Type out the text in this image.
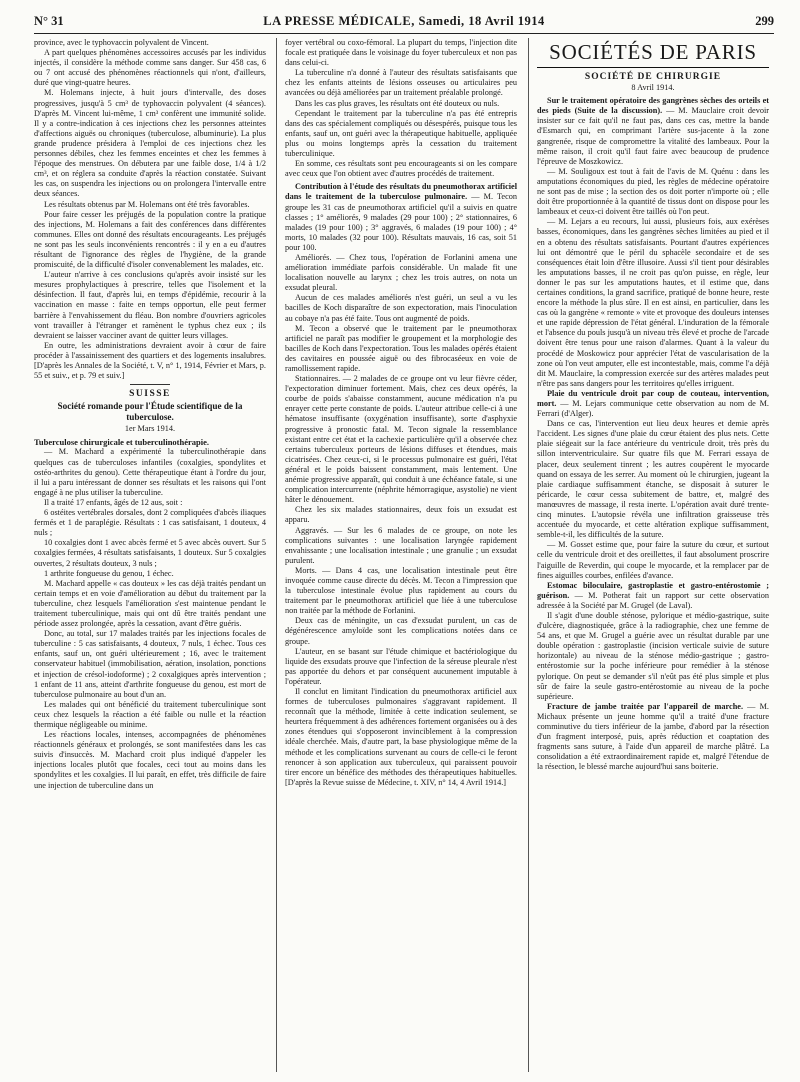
N° 31	LA PRESSE MÉDICALE, Samedi, 18 Avril 1914	299

province, avec le typhovaccin polyvalent de Vincent.

A part quelques phénomènes accessoires accusés par les individus injectés, il considère la méthode comme sans danger. Sur 458 cas, 6 ou 7 ont accusé des phénomènes réactionnels qui n'ont, d'ailleurs, duré que vingt-quatre heures.

M. Holemans injecte, à huit jours d'intervalle, des doses progressives, jusqu'à 5 cm³ de typhovaccin polyvalent (4 séances). D'après M. Vincent lui-même, 1 cm³ confèrent une immunité solide. Il y a contre-indication à ces injections chez les personnes atteintes d'affections aiguës ou chroniques (tuberculose, albuminurie). La plus grande prudence présidera à l'emploi de ces injections chez les personnes débiles, chez les femmes enceintes et chez les femmes à l'époque des menstrues. On débutera par une faible dose, 1/4 à 1/2 cm³, et on réglera sa conduite d'après la réaction constatée. Suivant les cas, on suspendra les injections ou on prolongera l'intervalle entre deux séances.

Les résultats obtenus par M. Holemans ont été très favorables.

Pour faire cesser les préjugés de la population contre la pratique des injections, M. Holemans a fait des conférences dans différentes communes. Elles ont donné des résultats encourageants. Les préjugés ne sont pas les seuls inconvénients rencontrés : il y en a eu d'autres résultant de l'ignorance des règles de l'hygiène, de la grande promiscuité, de la difficulté d'isoler convenablement les malades, etc.

L'auteur n'arrive à ces conclusions qu'après avoir insisté sur les mesures prophylactiques à prescrire, telles que l'isolement et la désinfection. Il faut, d'après lui, en temps d'épidémie, recourir à la vaccination en masse : faite en temps opportun, elle peut fermer barrière à l'envahissement du fléau. Bon nombre d'ouvriers agricoles vont travailler à l'étranger et ramènent le typhus chez eux ; ils devraient se laisser vacciner avant de quitter leurs villages.

En outre, les administrations devraient avoir à cœur de faire procéder à l'assainissement des quartiers et des logements insalubres. [D'après les Annales de la Société, t. V, n° 1, 1914, Février et Mars, p. 55 et suiv., et p. 79 et suiv.]

SUISSE
Société romande pour l'Étude scientifique de la tuberculose.
1er Mars 1914.

Tuberculose chirurgicale et tuberculinothérapie.

— M. Machard a expérimenté la tuberculinothérapie dans quelques cas de tuberculoses infantiles (coxalgies, spondylites et ostéo-arthrites du genou). Cette thérapeutique étant à l'ordre du jour, il lui a paru intéressant de donner ses résultats et les raisons qui l'ont engagé à ne plus utiliser la tuberculine.

Il a traité 17 enfants, âgés de 12 aus, soit :

6 ostéites vertébrales dorsales, dont 2 compliquées d'abcès iliaques fermés et 1 de paraplégie. Résultats : 1 cas satisfaisant, 1 douteux, 4 nuls ;

10 coxalgies dont 1 avec abcès fermé et 5 avec abcès ouvert. Sur 5 coxalgies fermées, 4 résultats satisfaisants, 1 douteux. Sur 5 coxalgies ouvertes, 2 résultats douteux, 3 nuls ;

1 arthrite fongueuse du genou, 1 échec.

M. Machard appelle « cas douteux » les cas déjà traités pendant un certain temps et en voie d'amélioration au début du traitement par la tuberculine, chez lesquels l'amélioration s'est maintenue pendant le traitement tuberculinique, mais qui ont dû être traités pendant une période assez prolongée, après la cessation, avant d'être guéris.

Donc, au total, sur 17 malades traités par les injections focales de tuberculine : 5 cas satisfaisants, 4 douteux, 7 nuls, 1 échec. Tous ces enfants, sauf un, ont guéri ultérieurement ; 16, avec le traitement conservateur habituel (immobilisation, aération, insolation, ponctions et injection de crésol-iodoforme) ; 2 coxalgiques après intervention ; 1 enfant de 11 ans, atteint d'arthrite fongueuse du genou, est mort de tuberculose pulmonaire au bout d'un an.

Les malades qui ont bénéficié du traitement tuberculinique sont ceux chez lesquels la réaction a été faible ou nulle et la réaction thermique négligeable ou minime.

Les réactions locales, intenses, accompagnées de phénomènes réactionnels généraux et prolongés, se sont manifestées dans les cas suivis d'insuccès. M. Machard croit plus indiqué d'appeler les injections locales plutôt que focales, ceci tout au moins dans les spondylites et les coxalgies. Il lui paraît, en effet, très difficile de faire une injection de tuberculine dans un

foyer vertébral ou coxo-fémoral. La plupart du temps, l'injection dite focale est pratiquée dans le voisinage du foyer tuberculeux et non pas dans celui-ci.

La tuberculine n'a donné à l'auteur des résultats satisfaisants que chez les enfants atteints de lésions osseuses ou articulaires peu avancées ou déjà améliorées par un traitement préalable prolongé.

Dans les cas plus graves, les résultats ont été douteux ou nuls.

Cependant le traitement par la tuberculine n'a pas été entrepris dans des cas spécialement compliqués ou désespérés, puisque tous les enfants, sauf un, ont guéri avec la thérapeutique habituelle, appliquée plus ou moins longtemps après la cessation du traitement tuberculinique.

En somme, ces résultats sont peu encourageants si on les compare avec ceux que l'on obtient avec d'autres procédés de traitement.

Contribution à l'étude des résultats du pneumothorax artificiel dans le traitement de la tuberculose pulmonaire. — M. Tecon groupe les 31 cas de pneumothorax artificiel qu'il a suivis en quatre classes ; 1° améliorés, 9 malades (29 pour 100) ; 2° stationnaires, 6 malades (19 pour 100) ; 3° aggravés, 6 malades (19 pour 100) ; 4° morts, 10 malades (32 pour 100). Résultats mauvais, 16 cas, soit 51 pour 100.

Améliorés. — Chez tous, l'opération de Forlanini amena une amélioration immédiate parfois considérable. Un malade fit une localisation nouvelle au larynx ; chez les trois autres, on nota un exsudat pleural.

Aucun de ces malades améliorés n'est guéri, un seul a vu les bacilles de Koch disparaître de son expectoration, mais l'inoculation au cobaye n'a pas été faite. Tous ont augmenté de poids.

M. Tecon a observé que le traitement par le pneumothorax artificiel ne paraît pas modifier le groupement et la morphologie des bacilles de Koch dans l'expectoration. Tous les malades opérés étaient des cavitaires en poussée aiguë ou des fibrocaséeux en voie de ramollissement rapide.

Stationnaires. — 2 malades de ce groupe ont vu leur fièvre céder, l'expectoration diminuer fortement. Mais, chez ces deux opérés, la courbe de poids s'abaisse constamment, aucune médication n'a pu enrayer cette perte constante de poids. L'auteur attribue celle-ci à une hématose insuffisante (oxygénation insuffisante), sorte d'asphyxie progressive à pronostic fatal. M. Tecon signale la ressemblance existant entre cet état et la cachexie particulière qu'il a observée chez certains tuberculeux porteurs de lésions diffuses et étendues, mais cicatrisées. Chez ceux-ci, si le processus pulmonaire est guéri, l'état général et le poids baissent constamment, mais lentement. Une anémie progressive apparaît, qui conduit à une échéance fatale, si une complication intercurrente (néphrite hémorragique, asystolie) ne vient hâter le dénouement.

Chez les six malades stationnaires, deux fois un exsudat est apparu.

Aggravés. — Sur les 6 malades de ce groupe, on note les complications suivantes : une localisation laryngée rapidement envahissante ; une localisation intestinale ; une granulie ; un exsudat purulent.

Morts. — Dans 4 cas, une localisation intestinale peut être invoquée comme cause directe du décès. M. Tecon a l'impression que la tuberculose intestinale évolue plus rapidement au cours du traitement par le pneumothorax artificiel que liée à une tuberculose non traitée par la méthode de Forlanini.

Deux cas de méningite, un cas d'exsudat purulent, un cas de dégénérescence amyloïde sont les complications notées dans ce groupe.

L'auteur, en se basant sur l'étude chimique et bactériologique du liquide des exsudats prouve que l'infection de la séreuse pleurale n'est pas apportée du dehors et par conséquent aucunement imputable à l'opérateur.

Il conclut en limitant l'indication du pneumothorax artificiel aux formes de tuberculoses pulmonaires s'aggravant rapidement. Il reconnaît que la méthode, limitée à cette indication seulement, se heurtera fréquemment à des adhérences fortement organisées ou à des zones étendues qui s'opposeront invinciblement à la compression idéale cherchée. Mais, d'autre part, la base physiologique même de la méthode et les complications survenant au cours de celle-ci le feront renoncer à son application aux tuberculeux, qui paraissent pouvoir tirer encore un bénéfice des méthodes des thérapeutiques habituelles. [D'après la Revue suisse de Médecine, t. XIV, n° 14, 4 Avril 1914.]

SOCIÉTÉS DE PARIS
SOCIÉTÉ DE CHIRURGIE
8 Avril 1914.

Sur le traitement opératoire des gangrènes sèches des orteils et des pieds (Suite de la discussion). — M. Mauclaire croit devoir insister sur ce fait qu'il ne faut pas, dans ces cas, mettre la bande d'Esmarch qui, en comprimant l'artère sus-jacente à la zone gangrenée, risque de compromettre la vitalité des lambeaux. Pour la même raison, il croit qu'il faut faire avec beaucoup de prudence l'épreuve de Moszkowicz.

— M. Souligoux est tout à fait de l'avis de M. Quénu : dans les amputations économiques du pied, les règles de médecine opératoire ne sont pas de mise ; la section des os doit porter n'importe où ; elle doit être proportionnée à la quantité de tissus dont on dispose pour les lambeaux et ceux-ci doivent être taillés où l'on peut.

— M. Lejars a eu recours, lui aussi, plusieurs fois, aux exérèses basses, économiques, dans les gangrènes sèches limitées au pied et il en a obtenu des résultats satisfaisants. Pourtant d'autres expériences lui ont démontré que le péril du sphacèle secondaire et de ses conséquences était loin d'être illusoire. Aussi s'il tient pour désirables les amputations basses, il ne croit pas qu'on puisse, en règle, leur donner le pas sur les amputations hautes, et il estime que, dans certaines conditions, la grand sacrifice, pratiqué de bonne heure, reste encore la méthode la plus sûre. Il en est ainsi, en particulier, dans les cas où la gangrène « remonte » vite et provoque des douleurs intenses et une rapide dépression de l'état général. L'induration de la fémorale et l'absence du pouls jusqu'à un niveau très élevé et proche de l'arcade doivent être tenus pour une raison d'alarmes. Quant à la valeur du procédé de Moskowicz pour apprécier l'état de vascularisation de la zone où l'on veut amputer, elle est incontestable, mais, comme l'a déjà dit M. Mauclaire, la compression exercée sur des artères malades peut n'être pas sans dangers pour les territoires qu'elles irriguent.

Plaie du ventricule droit par coup de couteau, intervention, mort. — M. Lejars communique cette observation au nom de M. Ferrari (d'Alger).

Dans ce cas, l'intervention eut lieu deux heures et demie après l'accident. Les signes d'une plaie du cœur étaient des plus nets. Cette plaie siégeait sur la face antérieure du ventricule droit, très près du sillon interventriculaire. Sur quatre fils que M. Ferrari essaya de placer, deux seulement tinrent ; les autres coupèrent le myocarde quand on essaya de les serrer. Au moment où le chirurgien, jugeant la plaie cardiaque suffisamment étanche, se disposait à suturer le péricarde, le cœur cessa subitement de battre, et, malgré des manœuvres de massage, il resta inerte. L'opération avait duré trente-cinq minutes. L'autopsie révéla une infiltration graisseuse très accentuée du myocarde, et cette altération explique suffisamment, semble-t-il, les difficultés de la suture.

— M. Gosset estime que, pour faire la suture du cœur, et surtout celle du ventricule droit et des oreillettes, il faut absolument proscrire l'aiguille de Reverdin, qui coupe le myocarde, et la remplacer par de fines aiguilles courbes, enfilées d'avance.

Estomac biloculaire, gastroplastie et gastro-entérostomie ; guérison. — M. Potherat fait un rapport sur cette observation adressée à la Société par M. Grugel (de Laval).

Il s'agit d'une double sténose, pylorique et médio-gastrique, suite d'ulcère, diagnostiquée, grâce à la radiographie, chez une femme de 54 ans, et que M. Grugel a guérie avec un résultat durable par une double opération : gastroplastie (incision verticale suivie de suture horizontale) au niveau de la sténose médio-gastrique ; gastro-entérostomie sur la poche inférieure pour remédier à la sténose pylorique. On peut se demander s'il n'eût pas été plus simple et plus sûr de faire la seule gastro-entérostomie au niveau de la poche supérieure.

Fracture de jambe traitée par l'appareil de marche. — M. Michaux présente un jeune homme qu'il a traité d'une fracture comminutive du tiers inférieur de la jambe, d'abord par la résection d'un fragment interposé, puis, après réduction et coaptation des fragments sans suture, à l'aide d'un appareil de marche plâtré. La consolidation a été extraordinairement rapide et, malgré l'étendue de la résection, le blessé marche aujourd'hui sans boiterie.
